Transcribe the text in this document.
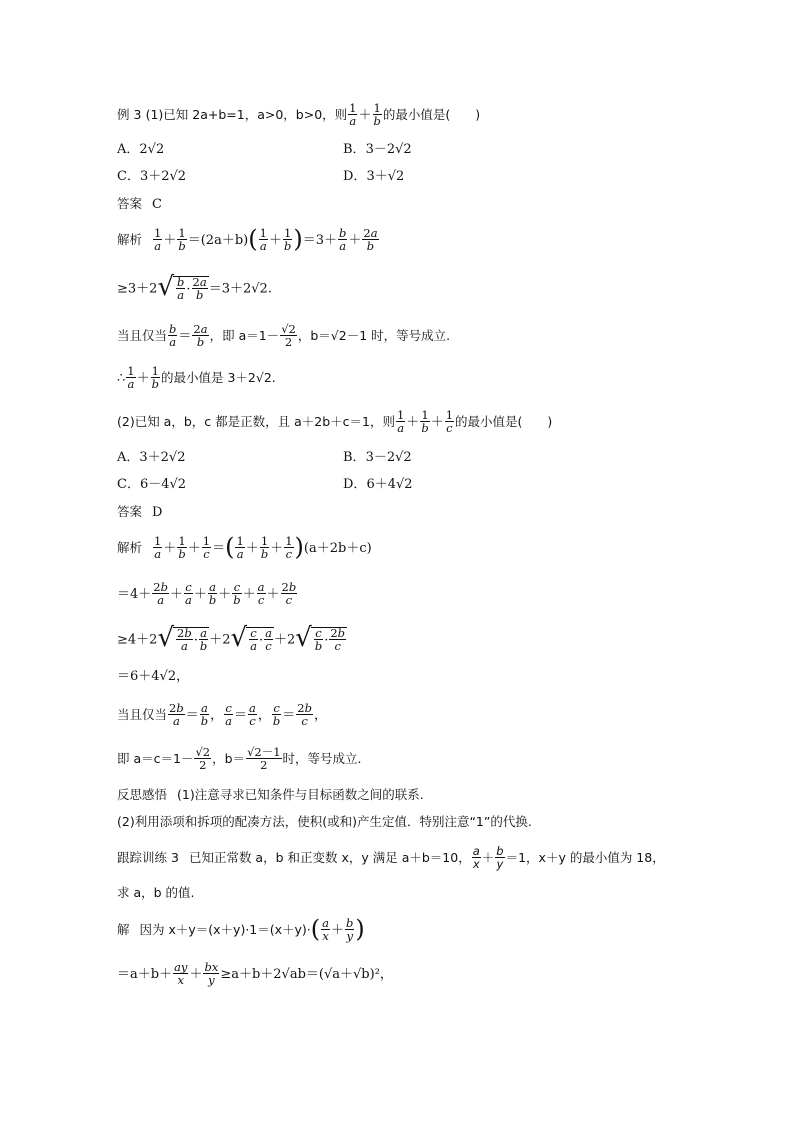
例 3 (1)已知 2a+b=1，a>0，b>0，则 $\frac{1}{a} + \frac{1}{b}$ 的最小值是(　　)
A．2√2	B．3－2√2
C．3＋2√2	D．3＋√2
答案 C
解析 $\frac{1}{a} + \frac{1}{b} =(2a+b)( \frac{1}{a} + \frac{1}{b} )=3+ \frac{b}{a} + \frac{2a}{b}$
$\ge 3+2√ \frac{b}{a} \cdot \frac{2a}{b} =3+2√2$.
当且仅当 $\frac{b}{a} = \frac{2a}{b}$ ，即 $a=1- \frac{√2}{2}$ ，b＝√2－1 时，等号成立.
∴ $\frac{1}{a} + \frac{1}{b}$ 的最小值是 3＋2√2.
(2)已知 a，b，c 都是正数，且 a＋2b＋c＝1，则 $\frac{1}{a} + \frac{1}{b} + \frac{1}{c}$ 的最小值是(　　)
A．3＋2√2	B．3－2√2
C．6－4√2	D．6＋4√2
答案 D
解析 $\frac{1}{a} + \frac{1}{b} + \frac{1}{c}$ ＝( $\frac{1}{a} + \frac{1}{b} + \frac{1}{c} )(a+2b+c)$
$=4+ \frac{2b}{a} + \frac{c}{a} + \frac{a}{b} + \frac{c}{b} + \frac{a}{c} + \frac{2b}{c}$
$\ge 4+2√ \frac{2b}{a} \cdot \frac{a}{b} +2√ \frac{c}{a} \cdot \frac{a}{c} +2√ \frac{c}{b} \cdot \frac{2b}{c}$
＝6＋4√2，
当且仅当 $\frac{2b}{a} = \frac{a}{b}$ ， $\frac{c}{a} = \frac{a}{c}$ ， $\frac{c}{b} = \frac{2b}{c}$ ，
即 $a=c=1- \frac{√2}{2}$ ，$b= \frac{√2-1}{2}$ 时，等号成立.
反思感悟 (1)注意寻求已知条件与目标函数之间的联系.
(2)利用添项和拆项的配凑方法，使积(或和)产生定值．特别注意“1”的代换.
跟踪训练 3 已知正常数 a，b 和正变数 x，y 满足 a＋b＝10， $\frac{a}{x} + \frac{b}{y} =1$，x＋y 的最小值为 18，
求 a，b 的值.
解 因为 $x+y=(x+y)\cdot 1=(x+y)\cdot( \frac{a}{x} + \frac{b}{y}$ )
$=a+b+ \frac{ay}{x} + \frac{bx}{y} \ge a+b+2√ab=(√a+√b)^2$，
